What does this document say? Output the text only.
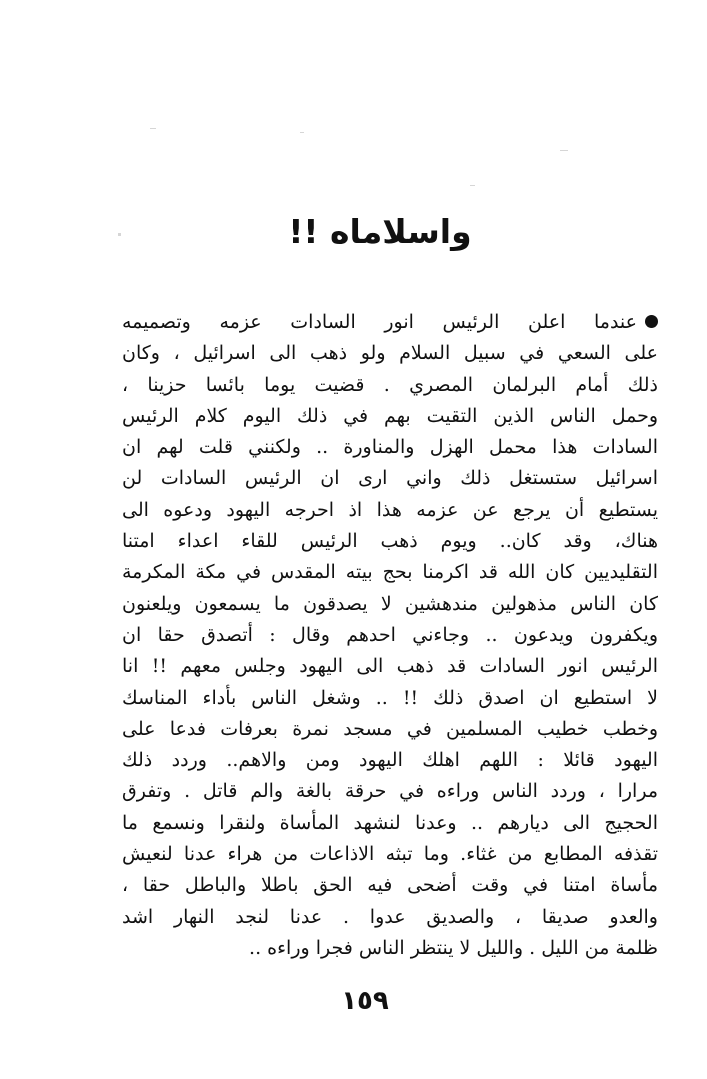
واسلاماه !!
عندما اعلن الرئيس انور السادات عزمه وتصميمه
على السعي في سبيل السلام ولو ذهب الى اسرائيل ، وكان
ذلك أمام البرلمان المصري . قضيت يوما بائسا حزينا ،
وحمل الناس الذين التقيت بهم في ذلك اليوم كلام الرئيس
السادات هذا محمل الهزل والمناورة .. ولكنني قلت لهم ان
اسرائيل ستستغل ذلك واني ارى ان الرئيس السادات لن
يستطيع أن يرجع عن عزمه هذا اذ احرجه اليهود ودعوه الى
هناك، وقد كان.. ويوم ذهب الرئيس للقاء اعداء امتنا
التقليديين كان الله قد اكرمنا بحج بيته المقدس في مكة المكرمة
كان الناس مذهولين مندهشين لا يصدقون ما يسمعون ويلعنون
ويكفرون ويدعون .. وجاءني احدهم وقال : أتصدق حقا ان
الرئيس انور السادات قد ذهب الى اليهود وجلس معهم !! انا
لا استطيع ان اصدق ذلك !! .. وشغل الناس بأداء المناسك
وخطب خطيب المسلمين في مسجد نمرة بعرفات فدعا على
اليهود قائلا : اللهم اهلك اليهود ومن والاهم.. وردد ذلك
مرارا ، وردد الناس وراءه في حرقة بالغة والم قاتل . وتفرق
الحجيج الى ديارهم .. وعدنا لنشهد المأساة ولنقرا ونسمع ما
تقذفه المطابع من غثاء. وما تبثه الاذاعات من هراء عدنا لنعيش
مأساة امتنا في وقت أضحى فيه الحق باطلا والباطل حقا ،
والعدو صديقا ، والصديق عدوا . عدنا لنجد النهار اشد
ظلمة من الليل . والليل لا ينتظر الناس فجرا وراءه ..
١٥٩
